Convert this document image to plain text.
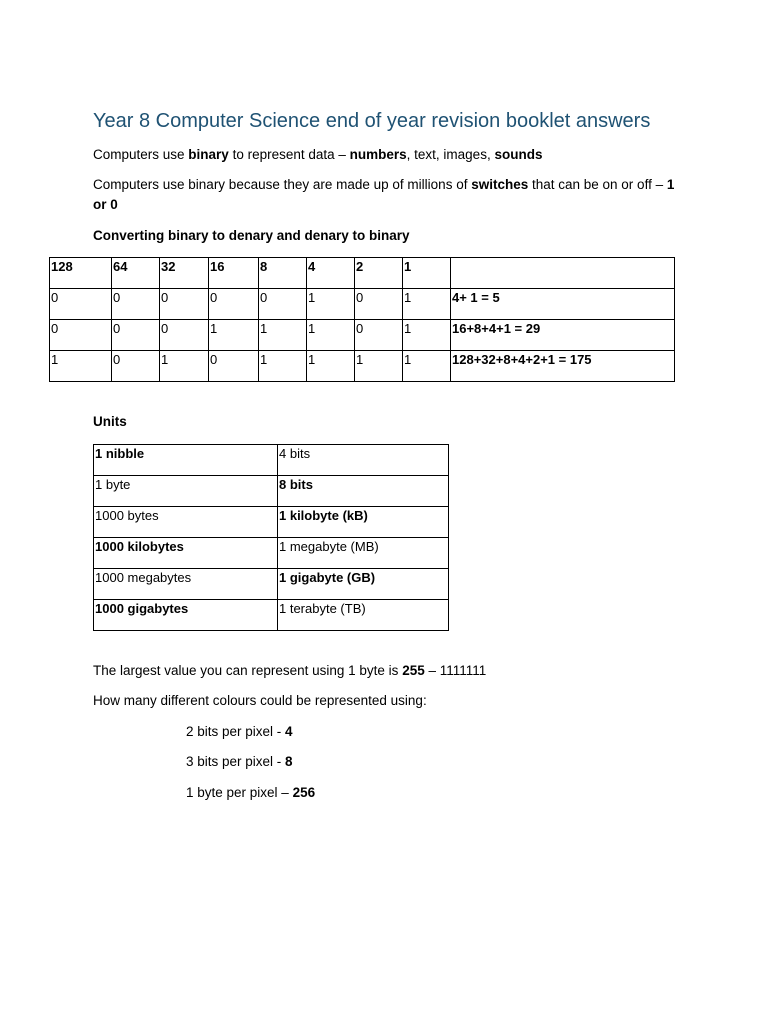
Year 8 Computer Science end of year revision booklet answers

Computers use binary to represent data – numbers, text, images, sounds

Computers use binary because they are made up of millions of switches that can be on or off – 1 or 0

Converting binary to denary and denary to binary

128	64	32	16	8	4	2	1	
0	0	0	0	0	1	0	1	4+ 1 = 5
0	0	0	1	1	1	0	1	16+8+4+1 = 29
1	0	1	0	1	1	1	1	128+32+8+4+2+1 = 175

Units

1 nibble	4 bits
1 byte	8 bits
1000 bytes	1 kilobyte (kB)
1000 kilobytes	1 megabyte (MB)
1000 megabytes	1 gigabyte (GB)
1000 gigabytes	1 terabyte (TB)

The largest value you can represent using 1 byte is 255 – 1111111

How many different colours could be represented using:

2 bits per pixel - 4

3 bits per pixel - 8

1 byte per pixel – 256
